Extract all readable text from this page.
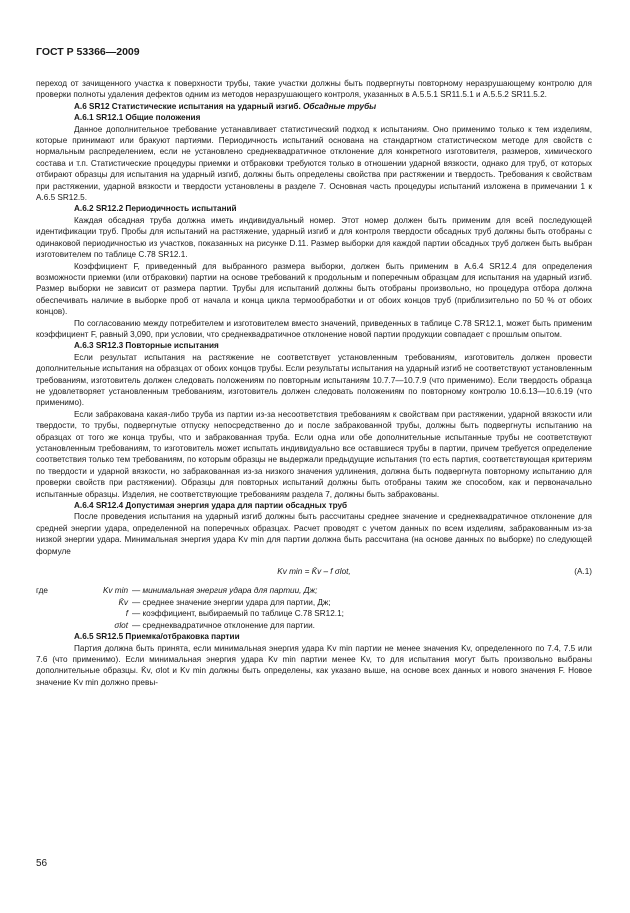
ГОСТ Р 53366—2009

переход от зачищенного участка к поверхности трубы, такие участки должны быть подвергнуты повторному неразрушающему контролю для проверки полноты удаления дефектов одним из методов неразрушающего контроля, указанных в А.5.5.1 SR11.5.1 и А.5.5.2 SR11.5.2.

А.6 SR12 Статистические испытания на ударный изгиб. Обсадные трубы

А.6.1 SR12.1 Общие положения

Данное дополнительное требование устанавливает статистический подход к испытаниям. Оно применимо только к тем изделиям, которые принимают или бракуют партиями. Периодичность испытаний основана на стандартном статистическом методе для свойств с нормальным распределением, если не установлено среднеквадратичное отклонение для конкретного изготовителя, размеров, химического состава и т.п. Статистические процедуры приемки и отбраковки требуются только в отношении ударной вязкости, однако для труб, от которых отбирают образцы для испытания на ударный изгиб, должны быть определены свойства при растяжении и твердость. Требования к свойствам при растяжении, ударной вязкости и твердости установлены в разделе 7. Основная часть процедуры испытаний изложена в примечании 1 к А.6.5 SR12.5.

А.6.2 SR12.2 Периодичность испытаний

Каждая обсадная труба должна иметь индивидуальный номер. Этот номер должен быть применим для всей последующей идентификации труб. Пробы для испытаний на растяжение, ударный изгиб и для контроля твердости обсадных труб должны быть отобраны с одинаковой периодичностью из участков, показанных на рисунке D.11. Размер выборки для каждой партии обсадных труб должен быть выбран изготовителем по таблице С.78 SR12.1.

Коэффициент F, приведенный для выбранного размера выборки, должен быть применим в А.6.4 SR12.4 для определения возможности приемки (или отбраковки) партии на основе требований к продольным и поперечным образцам для испытания на ударный изгиб. Размер выборки не зависит от размера партии. Трубы для испытаний должны быть отобраны произвольно, но процедура отбора должна обеспечивать наличие в выборке проб от начала и конца цикла термообработки и от обоих концов труб (приблизительно по 50 % от обоих концов).

По согласованию между потребителем и изготовителем вместо значений, приведенных в таблице С.78 SR12.1, может быть применим коэффициент F, равный 3,090, при условии, что среднеквадратичное отклонение новой партии продукции совпадает с прошлым опытом.

А.6.3 SR12.3 Повторные испытания

Если результат испытания на растяжение не соответствует установленным требованиям, изготовитель должен провести дополнительные испытания на образцах от обоих концов трубы. Если результаты испытания на ударный изгиб не соответствуют установленным требованиям, изготовитель должен следовать положениям по повторным испытаниям 10.7.7—10.7.9 (что применимо). Если твердость образца не удовлетворяет установленным требованиям, изготовитель должен следовать положениям по повторному контролю 10.6.13—10.6.19 (что применимо).

Если забракована какая-либо труба из партии из-за несоответствия требованиям к свойствам при растяжении, ударной вязкости или твердости, то трубы, подвергнутые отпуску непосредственно до и после забракованной трубы, должны быть подвергнуты испытанию на образцах от того же конца трубы, что и забракованная труба. Если одна или обе дополнительные испытанные трубы не соответствуют установленным требованиям, то изготовитель может испытать индивидуально все оставшиеся трубы в партии, причем требуется определение соответствия только тем требованиям, по которым образцы не выдержали предыдущие испытания (то есть партия, соответствующая критериям по твердости и ударной вязкости, но забракованная из-за низкого значения удлинения, должна быть подвергнута повторному испытанию для проверки свойств при растяжении). Образцы для повторных испытаний должны быть отобраны таким же способом, как и первоначально испытанные образцы. Изделия, не соответствующие требованиям раздела 7, должны быть забракованы.

А.6.4 SR12.4 Допустимая энергия удара для партии обсадных труб

После проведения испытания на ударный изгиб должны быть рассчитаны среднее значение и среднеквадратичное отклонение для средней энергии удара, определенной на поперечных образцах. Расчет проводят с учетом данных по всем изделиям, забракованным из-за низкой энергии удара. Минимальная энергия удара Kv min для партии должна быть рассчитана (на основе данных по выборке) по следующей формуле

Kv min = K̄v – f σlot,	(А.1)
где	Kv min —
минимальная энергия удара для партии, Дж;
K̄v —
среднее значение энергии удара для партии, Дж;
f —
коэффициент, выбираемый по таблице С.78 SR12.1;
σlot —
среднеквадратичное отклонение для партии.

А.6.5 SR12.5 Приемка/отбраковка партии

Партия должна быть принята, если минимальная энергия удара Kv min партии не менее значения Kv, определенного по 7.4, 7.5 или 7.6 (что применимо). Если минимальная энергия удара Kv min партии менее Kv, то для испытания могут быть произвольно выбраны дополнительные образцы. K̄v, σlot и Kv min должны быть определены, как указано выше, на основе всех данных и нового значения F. Новое значение Kv min должно превы-

56
